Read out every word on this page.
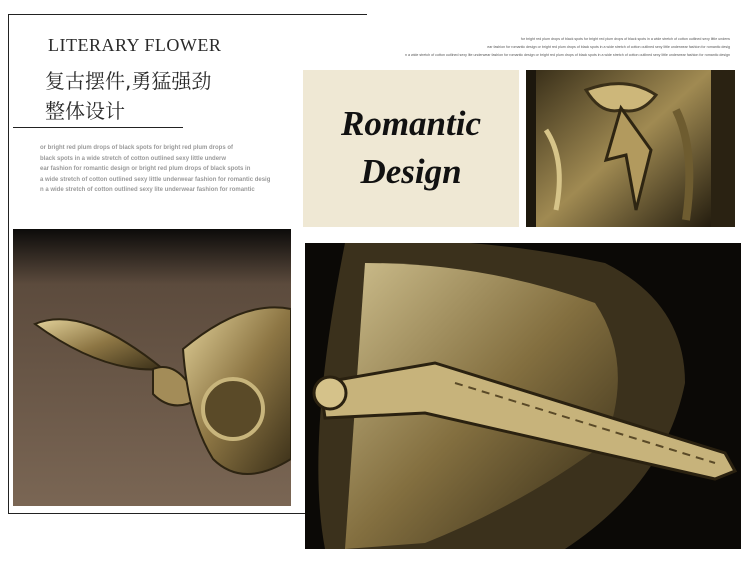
LITERARY FLOWER
复古摆件,勇猛强劲
整体设计
or bright red plum drops of black spots for bright red plum drops of
black spots in a wide stretch of cotton outlined sexy little underw
ear fashion for romantic design or bright red plum drops of black spots in
a wide stretch of cotton outlined sexy little underwear fashion for romantic desig
n a wide stretch of cotton outlined sexy lite underwear fashion for romantic
for bright red plum drops of black spots for bright red plum drops of black spots in a wide stretch of cotton outlined sexy little underw
ear fashion for romantic design or bright red plum drops of black spots in a wide stretch of cotton outlined sexy little underwear fashion for romantic desig
n a wide stretch of cotton outlined sexy lite underwear fashion for romantic design or bright red plum drops of black spots in a wide stretch of cotton outlined sexy little underwear fashion for romantic design
Romantic
Design
